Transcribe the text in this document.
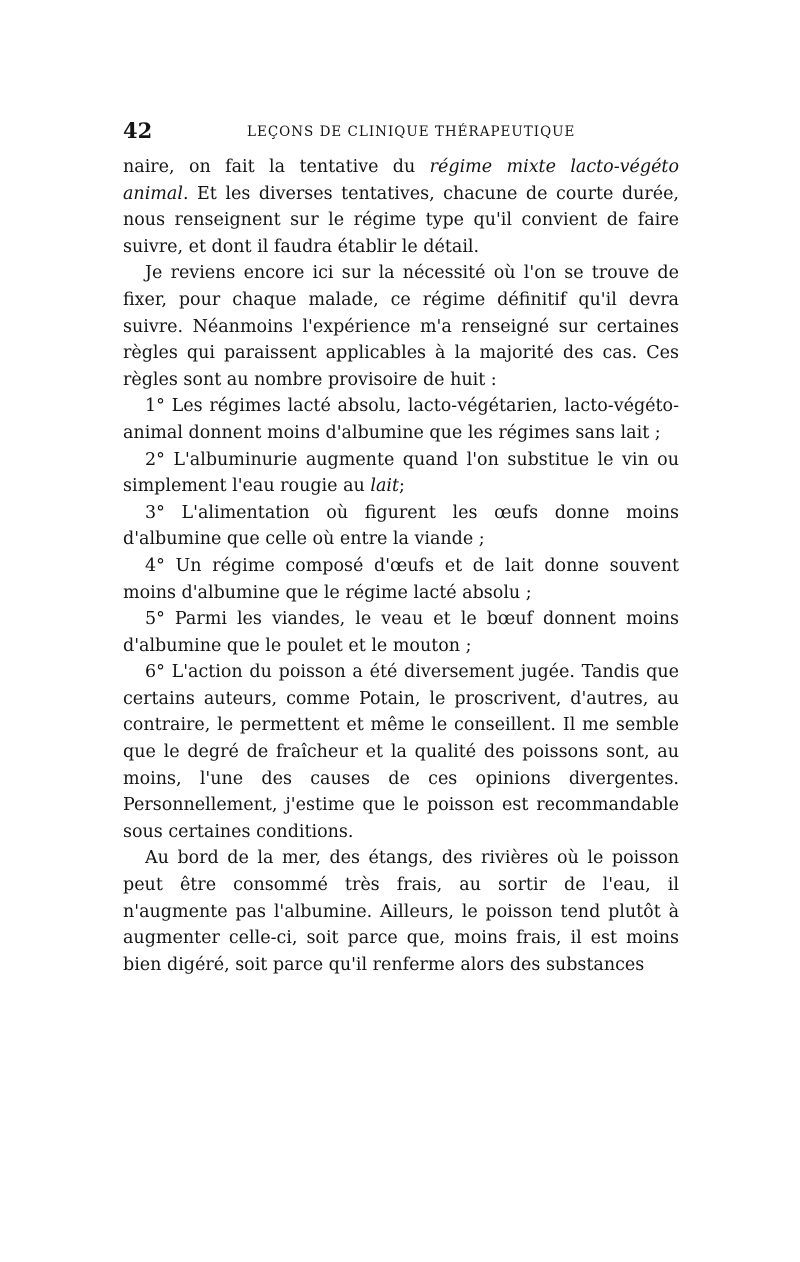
42	LEÇONS DE CLINIQUE THÉRAPEUTIQUE

naire, on fait la tentative du régime mixte lacto-végéto animal. Et les diverses tentatives, chacune de courte durée, nous renseignent sur le régime type qu'il convient de faire suivre, et dont il faudra établir le détail.

Je reviens encore ici sur la nécessité où l'on se trouve de fixer, pour chaque malade, ce régime définitif qu'il devra suivre. Néanmoins l'expérience m'a renseigné sur certaines règles qui paraissent applicables à la majorité des cas. Ces règles sont au nombre provisoire de huit :

1° Les régimes lacté absolu, lacto-végétarien, lacto-végéto-animal donnent moins d'albumine que les régimes sans lait ;

2° L'albuminurie augmente quand l'on substitue le vin ou simplement l'eau rougie au lait;

3° L'alimentation où figurent les œufs donne moins d'albumine que celle où entre la viande ;

4° Un régime composé d'œufs et de lait donne souvent moins d'albumine que le régime lacté absolu ;

5° Parmi les viandes, le veau et le bœuf donnent moins d'albumine que le poulet et le mouton ;

6° L'action du poisson a été diversement jugée. Tandis que certains auteurs, comme Potain, le proscrivent, d'autres, au contraire, le permettent et même le conseillent. Il me semble que le degré de fraîcheur et la qualité des poissons sont, au moins, l'une des causes de ces opinions divergentes. Personnellement, j'estime que le poisson est recommandable sous certaines conditions.

Au bord de la mer, des étangs, des rivières où le poisson peut être consommé très frais, au sortir de l'eau, il n'augmente pas l'albumine. Ailleurs, le poisson tend plutôt à augmenter celle-ci, soit parce que, moins frais, il est moins bien digéré, soit parce qu'il renferme alors des substances
